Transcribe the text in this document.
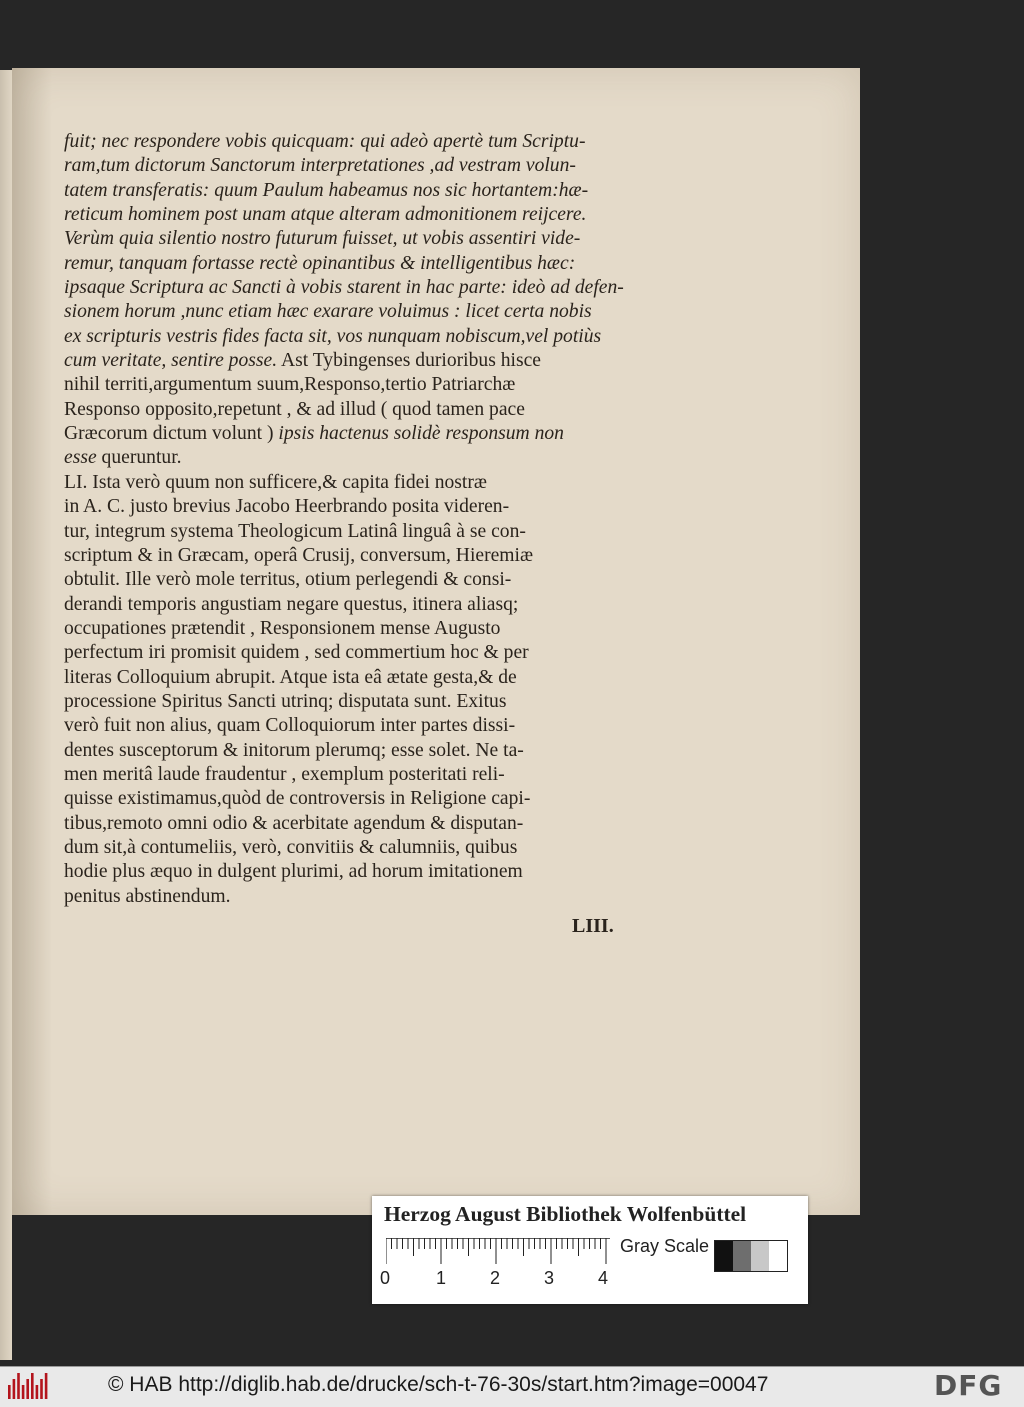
fuit; nec respondere vobis quicquam: qui adeò apertè tum Scriptu-
ram,tum dictorum Sanctorum interpretationes ,ad vestram volun-
tatem transferatis: quum Paulum habeamus nos sic hortantem:hæ-
reticum hominem post unam atque alteram admonitionem reijcere.
Verùm quia silentio nostro futurum fuisset, ut vobis assentiri vide-
remur, tanquam fortasse rectè opinantibus & intelligentibus hæc:
ipsaque Scriptura ac Sancti à vobis starent in hac parte: ideò ad defen-
sionem horum ,nunc etiam hæc exarare voluimus : licet certa nobis
ex scripturis vestris fides facta sit, vos nunquam nobiscum,vel potiùs
cum veritate, sentire posse. Ast Tybingenses durioribus hisce
nihil territi,argumentum suum,Responso,tertio Patriarchæ
Responso opposito,repetunt , & ad illud ( quod tamen pace
Græcorum dictum volunt ) ipsis hactenus solidè responsum non
esse queruntur.
LI. Ista verò quum non sufficere,& capita fidei nostræ
in A. C. justo brevius Jacobo Heerbrando posita videren-
tur, integrum systema Theologicum Latinâ linguâ à se con-
scriptum & in Græcam, operâ Crusij, conversum, Hieremiæ
obtulit. Ille verò mole territus, otium perlegendi & consi-
derandi temporis angustiam negare questus, itinera aliasq;
occupationes prætendit , Responsionem mense Augusto
perfectum iri promisit quidem , sed commertium hoc & per
literas Colloquium abrupit. Atque ista eâ ætate gesta,& de
processione Spiritus Sancti utrinq; disputata sunt. Exitus
verò fuit non alius, quam Colloquiorum inter partes dissi-
dentes susceptorum & initorum plerumq; esse solet. Ne ta-
men meritâ laude fraudentur , exemplum posteritati reli-
quisse existimamus,quòd de controversis in Religione capi-
tibus,remoto omni odio & acerbitate agendum & disputan-
dum sit,à contumeliis, verò, convitiis & calumniis, quibus
hodie plus æquo in dulgent plurimi, ad horum imitationem
penitus abstinendum.
LIII.
Herzog August Bibliothek Wolfenbüttel
0	1 2 3 4
Gray Scale
© HAB http://diglib.hab.de/drucke/sch-t-76-30s/start.htm?image=00047	DFG
